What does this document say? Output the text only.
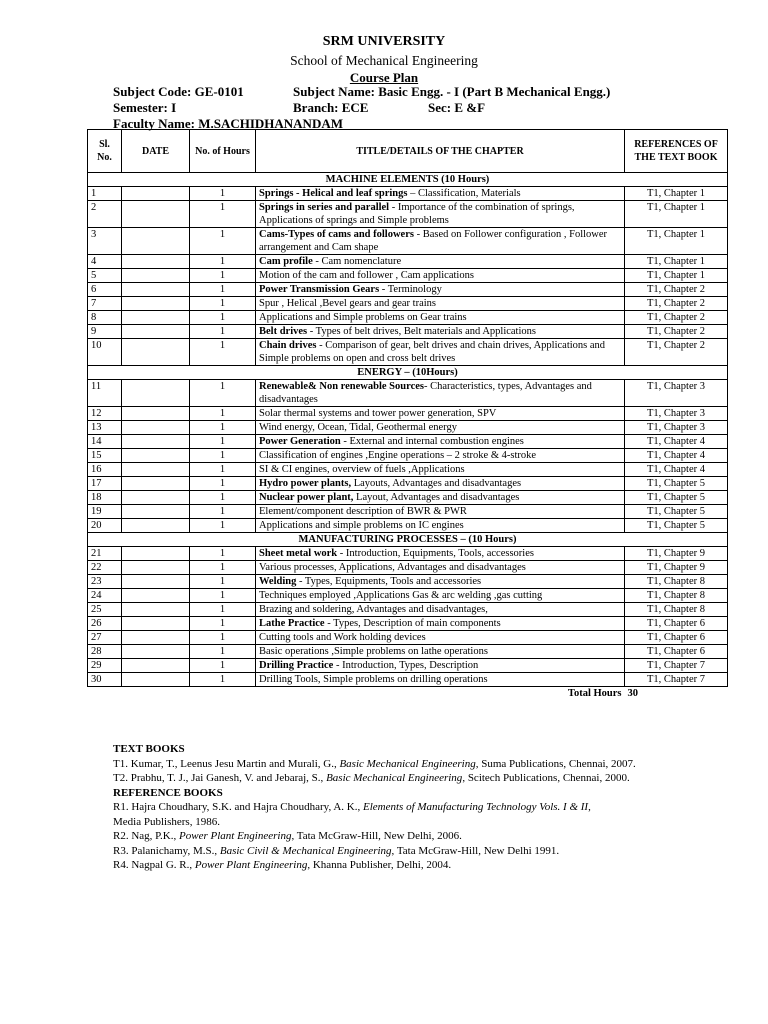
SRM UNIVERSITY
School of Mechanical Engineering
Course Plan
Subject Code: GE-0101	Subject Name: Basic Engg. - I (Part B Mechanical Engg.)
Semester: I	Branch: ECE	Sec: E &F
Faculty Name: M.SACHIDHANANDAM
Sl. No.	DATE	No. of Hours	TITLE/DETAILS OF THE CHAPTER	REFERENCES OF THE TEXT BOOK
MACHINE ELEMENTS (10 Hours)				
1		1	Springs - Helical and leaf springs – Classification, Materials	T1, Chapter 1
2		1	Springs in series and parallel - Importance of the combination of springs, Applications of springs and Simple problems	T1, Chapter 1
3		1	Cams-Types of cams and followers - Based on Follower configuration , Follower arrangement and Cam shape	T1, Chapter 1
4		1	Cam profile - Cam nomenclature	T1, Chapter 1
5		1	Motion of the cam and follower , Cam applications	T1, Chapter 1
6		1	Power Transmission Gears - Terminology	T1, Chapter 2
7		1	Spur , Helical ,Bevel gears and gear trains	T1, Chapter 2
8		1	Applications and Simple problems on Gear trains	T1, Chapter 2
9		1	Belt drives - Types of belt drives, Belt materials and Applications	T1, Chapter 2
10		1	Chain drives - Comparison of gear, belt drives and chain drives, Applications and Simple problems on open and cross belt drives	T1, Chapter 2
ENERGY – (10Hours)				
11		1	Renewable& Non renewable Sources- Characteristics, types, Advantages and disadvantages	T1, Chapter 3
12		1	Solar thermal systems and tower power generation, SPV	T1, Chapter 3
13		1	Wind energy, Ocean, Tidal, Geothermal energy	T1, Chapter 3
14		1	Power Generation - External and internal combustion engines	T1, Chapter 4
15		1	Classification of engines ,Engine operations – 2 stroke & 4-stroke	T1, Chapter 4
16		1	SI & CI engines, overview of fuels ,Applications	T1, Chapter 4
17		1	Hydro power plants, Layouts, Advantages and disadvantages	T1, Chapter 5
18		1	Nuclear power plant, Layout, Advantages and disadvantages	T1, Chapter 5
19		1	Element/component description of BWR & PWR	T1, Chapter 5
20		1	Applications and simple problems on IC engines	T1, Chapter 5
MANUFACTURING PROCESSES – (10 Hours)				
21		1	Sheet metal work - Introduction, Equipments, Tools, accessories	T1, Chapter 9
22		1	Various processes, Applications, Advantages and disadvantages	T1, Chapter 9
23		1	Welding - Types, Equipments, Tools and accessories	T1, Chapter 8
24		1	Techniques employed ,Applications Gas & arc welding ,gas cutting	T1, Chapter 8
25		1	Brazing and soldering, Advantages and disadvantages,	T1, Chapter 8
26		1	Lathe Practice - Types, Description of main components	T1, Chapter 6
27		1	Cutting tools and Work holding devices	T1, Chapter 6
28		1	Basic operations ,Simple problems on lathe operations	T1, Chapter 6
29		1	Drilling Practice - Introduction, Types, Description	T1, Chapter 7
30		1	Drilling Tools, Simple problems on drilling operations	T1, Chapter 7
			Total Hours	30
TEXT BOOKS
T1. Kumar, T., Leenus Jesu Martin and Murali, G., Basic Mechanical Engineering, Suma Publications, Chennai, 2007.
T2. Prabhu, T. J., Jai Ganesh, V. and Jebaraj, S., Basic Mechanical Engineering, Scitech Publications, Chennai, 2000.
REFERENCE BOOKS
R1. Hajra Choudhary, S.K. and Hajra Choudhary, A. K., Elements of Manufacturing Technology Vols. I & II,
Media Publishers, 1986.
R2. Nag, P.K., Power Plant Engineering, Tata McGraw-Hill, New Delhi, 2006.
R3. Palanichamy, M.S., Basic Civil & Mechanical Engineering, Tata McGraw-Hill, New Delhi 1991.
R4. Nagpal G. R., Power Plant Engineering, Khanna Publisher, Delhi, 2004.
